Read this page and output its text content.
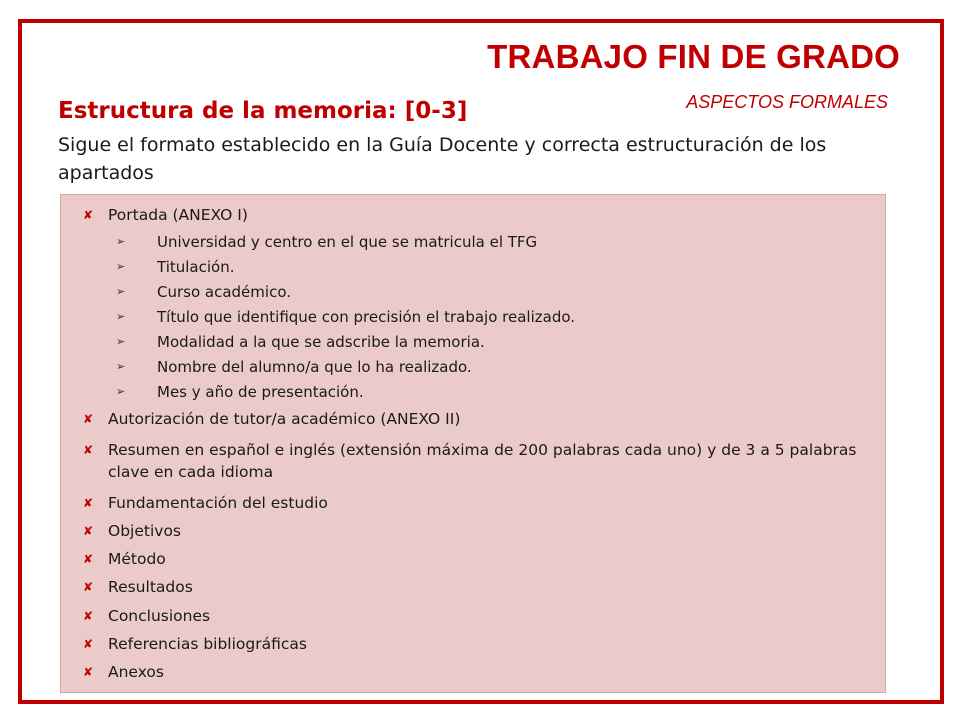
TRABAJO FIN DE GRADO
ASPECTOS FORMALES
Estructura de la memoria: [0-3]
Sigue el formato establecido en la Guía Docente y correcta estructuración de los apartados
✘ Portada (ANEXO I)
➢ Universidad y centro en el que se matricula el TFG
➢ Titulación.
➢ Curso académico.
➢ Título que identifique con precisión el trabajo realizado.
➢ Modalidad a la que se adscribe la memoria.
➢ Nombre del alumno/a que lo ha realizado.
➢ Mes y año de presentación.
✘ Autorización de tutor/a académico (ANEXO II)
✘ Resumen en español e inglés (extensión máxima de 200 palabras cada uno) y de 3 a 5 palabras clave en cada idioma
✘ Fundamentación del estudio
✘ Objetivos
✘ Método
✘ Resultados
✘ Conclusiones
✘ Referencias bibliográficas
✘ Anexos
